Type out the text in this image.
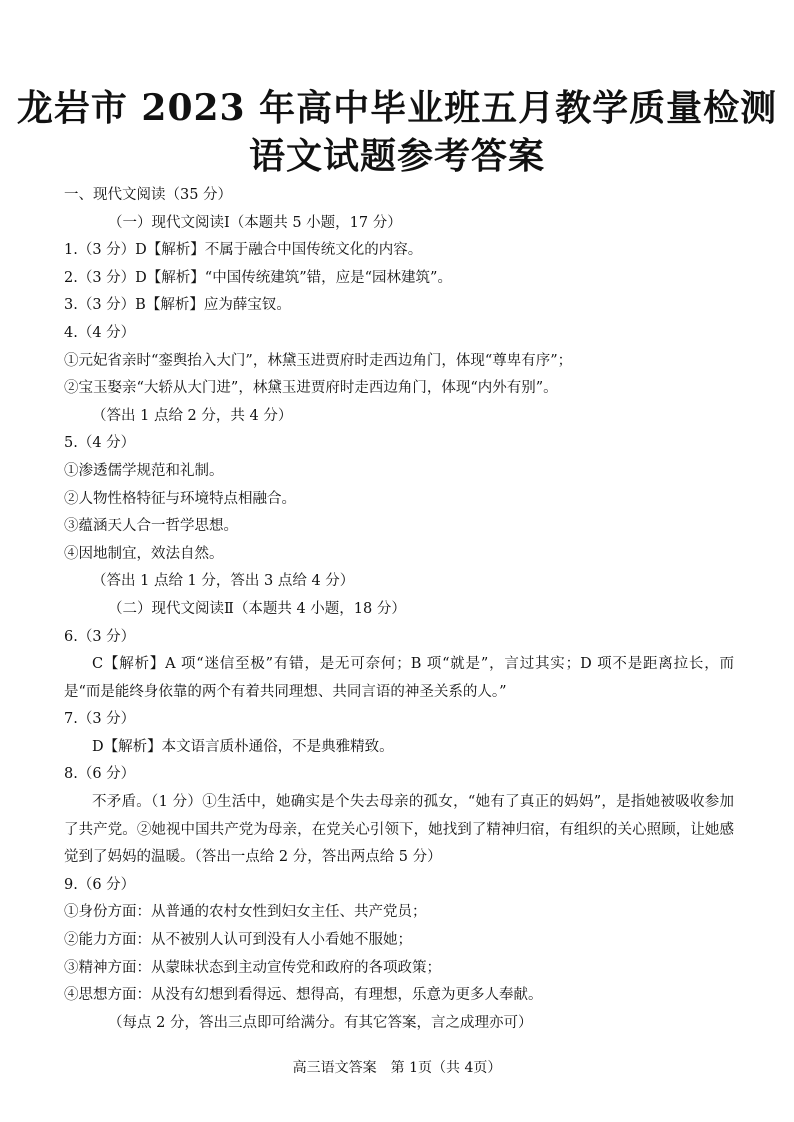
龙岩市 2023 年高中毕业班五月教学质量检测
语文试题参考答案
一、现代文阅读（35 分）
（一）现代文阅读Ⅰ（本题共 5 小题，17 分）
1.（3 分）D【解析】不属于融合中国传统文化的内容。
2.（3 分）D【解析】“中国传统建筑”错，应是“园林建筑”。
3.（3 分）B【解析】应为薛宝钗。
4.（4 分）
①元妃省亲时“銮舆抬入大门”，林黛玉进贾府时走西边角门，体现“尊卑有序”；
②宝玉娶亲“大轿从大门进”，林黛玉进贾府时走西边角门，体现“内外有别”。
（答出 1 点给 2 分，共 4 分）
5.（4 分）
①渗透儒学规范和礼制。
②人物性格特征与环境特点相融合。
③蕴涵天人合一哲学思想。
④因地制宜，效法自然。
（答出 1 点给 1 分，答出 3 点给 4 分）
（二）现代文阅读Ⅱ（本题共 4 小题，18 分）
6.（3 分）
C【解析】A 项“迷信至极”有错，是无可奈何；B 项“就是”，言过其实；D 项不是距离拉长，而是“而是能终身依靠的两个有着共同理想、共同言语的神圣关系的人。”
7.（3 分）
D【解析】本文语言质朴通俗，不是典雅精致。
8.（6 分）
不矛盾。（1 分）①生活中，她确实是个失去母亲的孤女，“她有了真正的妈妈”，是指她被吸收参加了共产党。②她视中国共产党为母亲，在党关心引领下，她找到了精神归宿，有组织的关心照顾，让她感觉到了妈妈的温暖。（答出一点给 2 分，答出两点给 5 分）
9.（6 分）
①身份方面：从普通的农村女性到妇女主任、共产党员；
②能力方面：从不被别人认可到没有人小看她不服她；
③精神方面：从蒙昧状态到主动宣传党和政府的各项政策；
④思想方面：从没有幻想到看得远、想得高，有理想，乐意为更多人奉献。
（每点 2 分，答出三点即可给满分。有其它答案，言之成理亦可）
高三语文答案　第 1页（共 4页）
